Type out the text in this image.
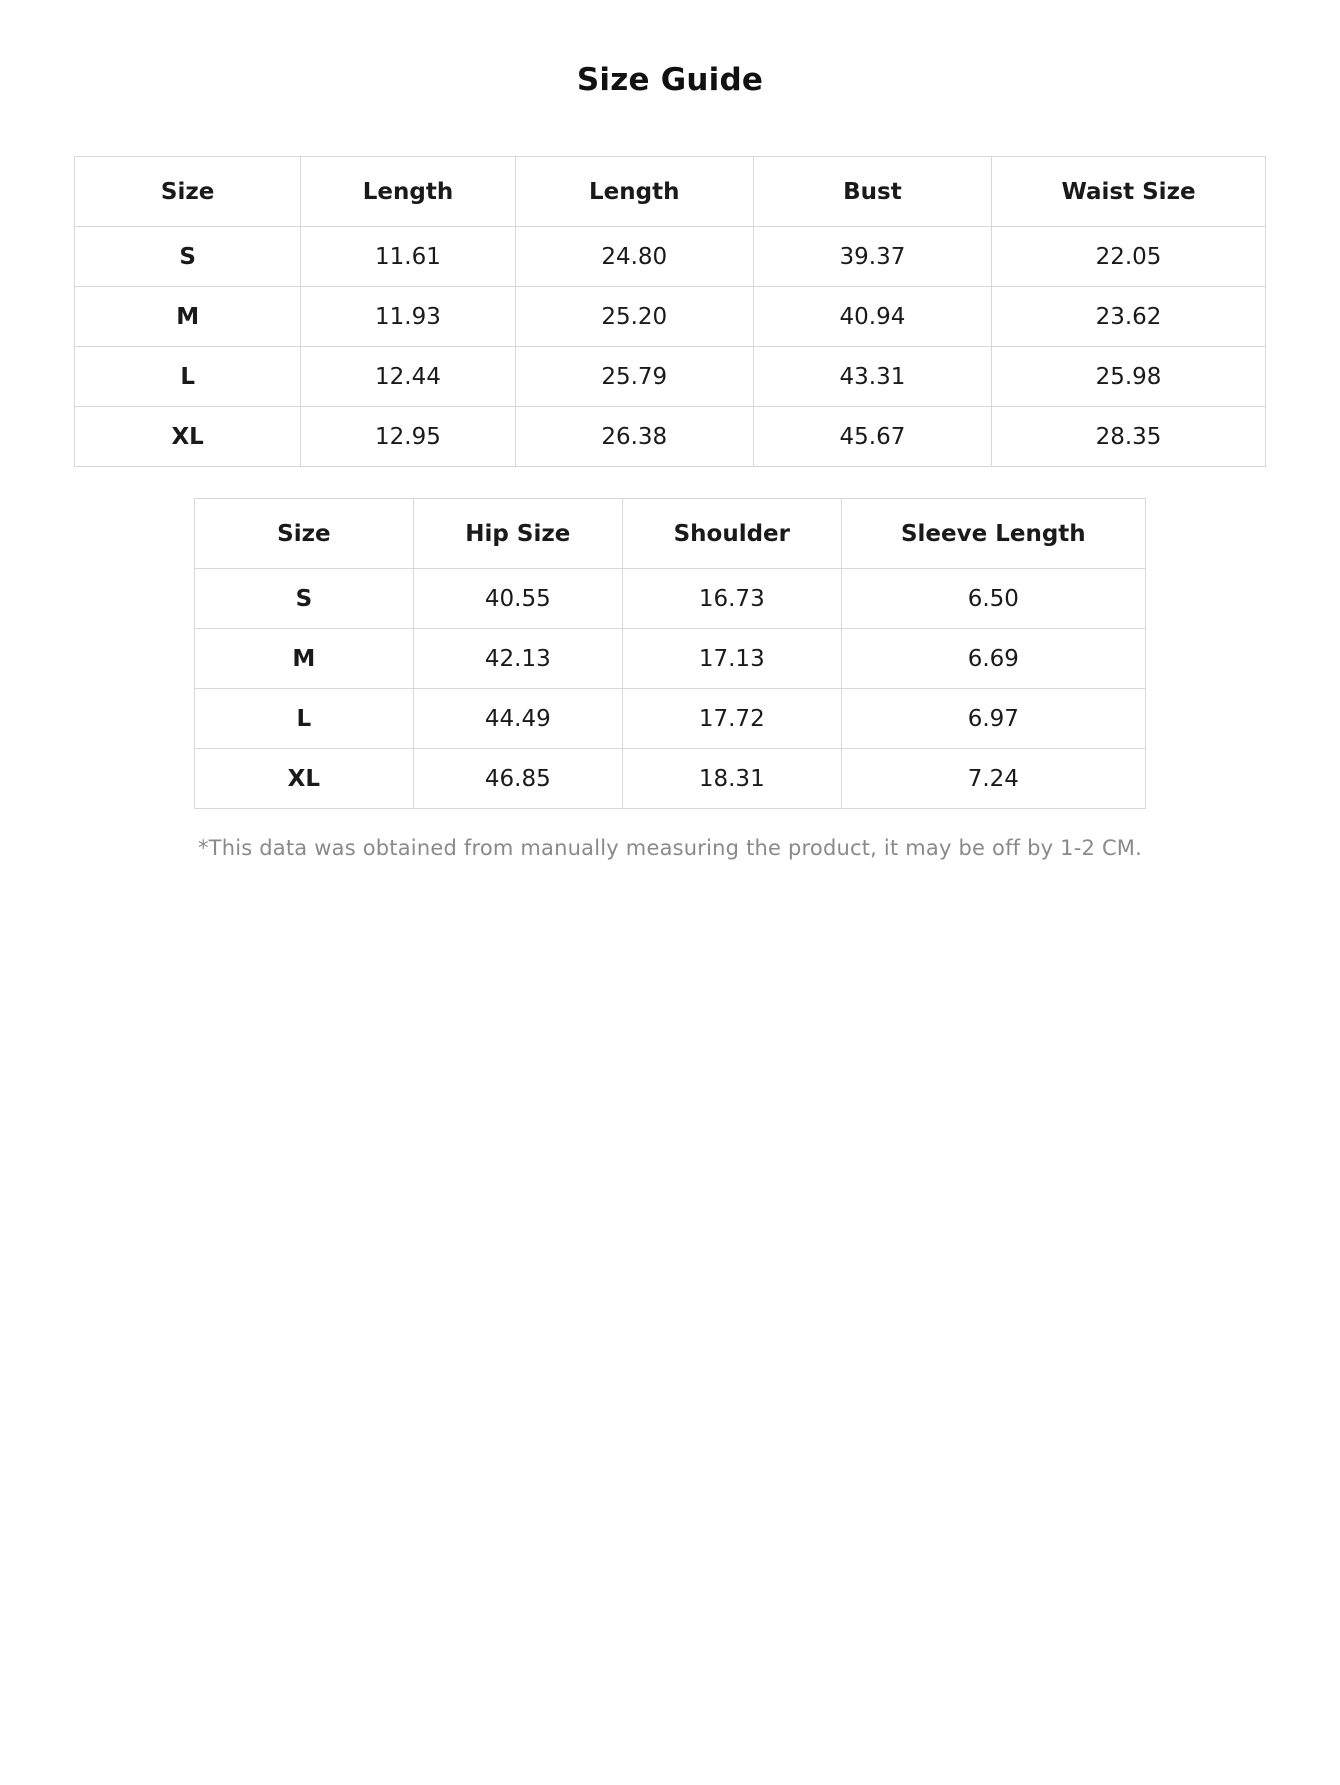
Size Guide
Size	Length	Length	Bust	Waist Size
S	11.61	24.80	39.37	22.05
M	11.93	25.20	40.94	23.62
L	12.44	25.79	43.31	25.98
XL	12.95	26.38	45.67	28.35
Size	Hip Size	Shoulder	Sleeve Length
S	40.55	16.73	6.50
M	42.13	17.13	6.69
L	44.49	17.72	6.97
XL	46.85	18.31	7.24
*This data was obtained from manually measuring the product, it may be off by 1-2 CM.
